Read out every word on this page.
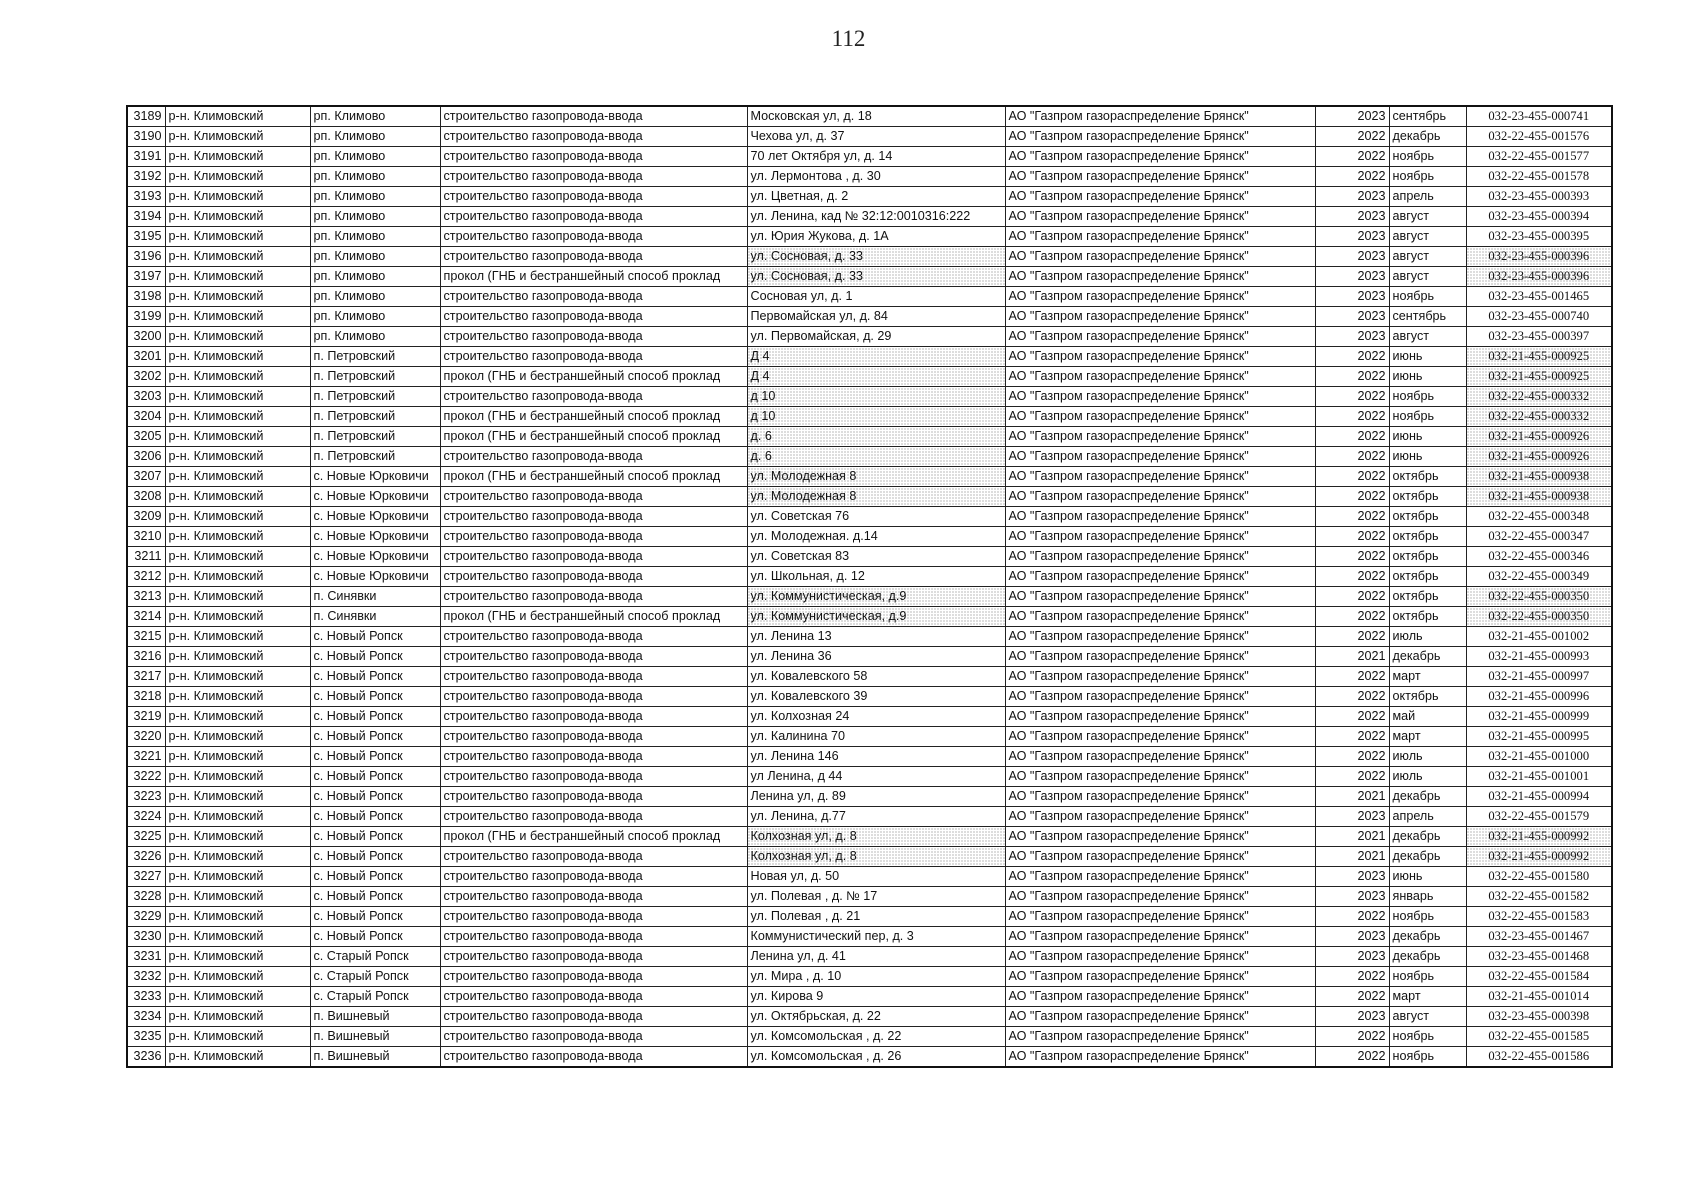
112
3189	р-н. Климовский	рп. Климово	строительство газопровода-ввода	Московская ул, д. 18	АО "Газпром газораспределение Брянск"	2023	сентябрь	032-23-455-000741
3190	р-н. Климовский	рп. Климово	строительство газопровода-ввода	Чехова ул, д. 37	АО "Газпром газораспределение Брянск"	2022	декабрь	032-22-455-001576
3191	р-н. Климовский	рп. Климово	строительство газопровода-ввода	70 лет Октября ул, д. 14	АО "Газпром газораспределение Брянск"	2022	ноябрь	032-22-455-001577
3192	р-н. Климовский	рп. Климово	строительство газопровода-ввода	ул. Лермонтова , д. 30	АО "Газпром газораспределение Брянск"	2022	ноябрь	032-22-455-001578
3193	р-н. Климовский	рп. Климово	строительство газопровода-ввода	ул. Цветная, д. 2	АО "Газпром газораспределение Брянск"	2023	апрель	032-23-455-000393
3194	р-н. Климовский	рп. Климово	строительство газопровода-ввода	ул. Ленина, кад № 32:12:0010316:222	АО "Газпром газораспределение Брянск"	2023	август	032-23-455-000394
3195	р-н. Климовский	рп. Климово	строительство газопровода-ввода	ул. Юрия Жукова, д. 1А	АО "Газпром газораспределение Брянск"	2023	август	032-23-455-000395
3196	р-н. Климовский	рп. Климово	строительство газопровода-ввода	ул. Сосновая, д. 33	АО "Газпром газораспределение Брянск"	2023	август	032-23-455-000396
3197	р-н. Климовский	рп. Климово	прокол (ГНБ и бестраншейный способ проклад	ул. Сосновая, д. 33	АО "Газпром газораспределение Брянск"	2023	август	032-23-455-000396
3198	р-н. Климовский	рп. Климово	строительство газопровода-ввода	Сосновая ул, д. 1	АО "Газпром газораспределение Брянск"	2023	ноябрь	032-23-455-001465
3199	р-н. Климовский	рп. Климово	строительство газопровода-ввода	Первомайская ул, д. 84	АО "Газпром газораспределение Брянск"	2023	сентябрь	032-23-455-000740
3200	р-н. Климовский	рп. Климово	строительство газопровода-ввода	ул. Первомайская, д. 29	АО "Газпром газораспределение Брянск"	2023	август	032-23-455-000397
3201	р-н. Климовский	п. Петровский	строительство газопровода-ввода	Д 4	АО "Газпром газораспределение Брянск"	2022	июнь	032-21-455-000925
3202	р-н. Климовский	п. Петровский	прокол (ГНБ и бестраншейный способ проклад	Д 4	АО "Газпром газораспределение Брянск"	2022	июнь	032-21-455-000925
3203	р-н. Климовский	п. Петровский	строительство газопровода-ввода	д 10	АО "Газпром газораспределение Брянск"	2022	ноябрь	032-22-455-000332
3204	р-н. Климовский	п. Петровский	прокол (ГНБ и бестраншейный способ проклад	д 10	АО "Газпром газораспределение Брянск"	2022	ноябрь	032-22-455-000332
3205	р-н. Климовский	п. Петровский	прокол (ГНБ и бестраншейный способ проклад	д. 6	АО "Газпром газораспределение Брянск"	2022	июнь	032-21-455-000926
3206	р-н. Климовский	п. Петровский	строительство газопровода-ввода	д. 6	АО "Газпром газораспределение Брянск"	2022	июнь	032-21-455-000926
3207	р-н. Климовский	с. Новые Юрковичи	прокол (ГНБ и бестраншейный способ проклад	ул. Молодежная 8	АО "Газпром газораспределение Брянск"	2022	октябрь	032-21-455-000938
3208	р-н. Климовский	с. Новые Юрковичи	строительство газопровода-ввода	ул. Молодежная 8	АО "Газпром газораспределение Брянск"	2022	октябрь	032-21-455-000938
3209	р-н. Климовский	с. Новые Юрковичи	строительство газопровода-ввода	ул. Советская 76	АО "Газпром газораспределение Брянск"	2022	октябрь	032-22-455-000348
3210	р-н. Климовский	с. Новые Юрковичи	строительство газопровода-ввода	ул. Молодежная. д.14	АО "Газпром газораспределение Брянск"	2022	октябрь	032-22-455-000347
3211	р-н. Климовский	с. Новые Юрковичи	строительство газопровода-ввода	ул. Советская 83	АО "Газпром газораспределение Брянск"	2022	октябрь	032-22-455-000346
3212	р-н. Климовский	с. Новые Юрковичи	строительство газопровода-ввода	ул. Школьная, д. 12	АО "Газпром газораспределение Брянск"	2022	октябрь	032-22-455-000349
3213	р-н. Климовский	п. Синявки	строительство газопровода-ввода	ул. Коммунистическая, д.9	АО "Газпром газораспределение Брянск"	2022	октябрь	032-22-455-000350
3214	р-н. Климовский	п. Синявки	прокол (ГНБ и бестраншейный способ проклад	ул. Коммунистическая, д.9	АО "Газпром газораспределение Брянск"	2022	октябрь	032-22-455-000350
3215	р-н. Климовский	с. Новый Ропск	строительство газопровода-ввода	ул. Ленина 13	АО "Газпром газораспределение Брянск"	2022	июль	032-21-455-001002
3216	р-н. Климовский	с. Новый Ропск	строительство газопровода-ввода	ул. Ленина 36	АО "Газпром газораспределение Брянск"	2021	декабрь	032-21-455-000993
3217	р-н. Климовский	с. Новый Ропск	строительство газопровода-ввода	ул. Ковалевского 58	АО "Газпром газораспределение Брянск"	2022	март	032-21-455-000997
3218	р-н. Климовский	с. Новый Ропск	строительство газопровода-ввода	ул. Ковалевского 39	АО "Газпром газораспределение Брянск"	2022	октябрь	032-21-455-000996
3219	р-н. Климовский	с. Новый Ропск	строительство газопровода-ввода	ул. Колхозная 24	АО "Газпром газораспределение Брянск"	2022	май	032-21-455-000999
3220	р-н. Климовский	с. Новый Ропск	строительство газопровода-ввода	ул. Калинина 70	АО "Газпром газораспределение Брянск"	2022	март	032-21-455-000995
3221	р-н. Климовский	с. Новый Ропск	строительство газопровода-ввода	ул. Ленина 146	АО "Газпром газораспределение Брянск"	2022	июль	032-21-455-001000
3222	р-н. Климовский	с. Новый Ропск	строительство газопровода-ввода	ул Ленина, д 44	АО "Газпром газораспределение Брянск"	2022	июль	032-21-455-001001
3223	р-н. Климовский	с. Новый Ропск	строительство газопровода-ввода	Ленина ул, д. 89	АО "Газпром газораспределение Брянск"	2021	декабрь	032-21-455-000994
3224	р-н. Климовский	с. Новый Ропск	строительство газопровода-ввода	ул. Ленина, д.77	АО "Газпром газораспределение Брянск"	2023	апрель	032-22-455-001579
3225	р-н. Климовский	с. Новый Ропск	прокол (ГНБ и бестраншейный способ проклад	Колхозная ул, д. 8	АО "Газпром газораспределение Брянск"	2021	декабрь	032-21-455-000992
3226	р-н. Климовский	с. Новый Ропск	строительство газопровода-ввода	Колхозная ул, д. 8	АО "Газпром газораспределение Брянск"	2021	декабрь	032-21-455-000992
3227	р-н. Климовский	с. Новый Ропск	строительство газопровода-ввода	Новая ул, д. 50	АО "Газпром газораспределение Брянск"	2023	июнь	032-22-455-001580
3228	р-н. Климовский	с. Новый Ропск	строительство газопровода-ввода	ул. Полевая , д. № 17	АО "Газпром газораспределение Брянск"	2023	январь	032-22-455-001582
3229	р-н. Климовский	с. Новый Ропск	строительство газопровода-ввода	ул. Полевая , д. 21	АО "Газпром газораспределение Брянск"	2022	ноябрь	032-22-455-001583
3230	р-н. Климовский	с. Новый Ропск	строительство газопровода-ввода	Коммунистический пер, д. 3	АО "Газпром газораспределение Брянск"	2023	декабрь	032-23-455-001467
3231	р-н. Климовский	с. Старый Ропск	строительство газопровода-ввода	Ленина ул, д. 41	АО "Газпром газораспределение Брянск"	2023	декабрь	032-23-455-001468
3232	р-н. Климовский	с. Старый Ропск	строительство газопровода-ввода	ул. Мира , д. 10	АО "Газпром газораспределение Брянск"	2022	ноябрь	032-22-455-001584
3233	р-н. Климовский	с. Старый Ропск	строительство газопровода-ввода	ул. Кирова 9	АО "Газпром газораспределение Брянск"	2022	март	032-21-455-001014
3234	р-н. Климовский	п. Вишневый	строительство газопровода-ввода	ул. Октябрьская, д. 22	АО "Газпром газораспределение Брянск"	2023	август	032-23-455-000398
3235	р-н. Климовский	п. Вишневый	строительство газопровода-ввода	ул. Комсомольская , д. 22	АО "Газпром газораспределение Брянск"	2022	ноябрь	032-22-455-001585
3236	р-н. Климовский	п. Вишневый	строительство газопровода-ввода	ул. Комсомольская , д. 26	АО "Газпром газораспределение Брянск"	2022	ноябрь	032-22-455-001586
